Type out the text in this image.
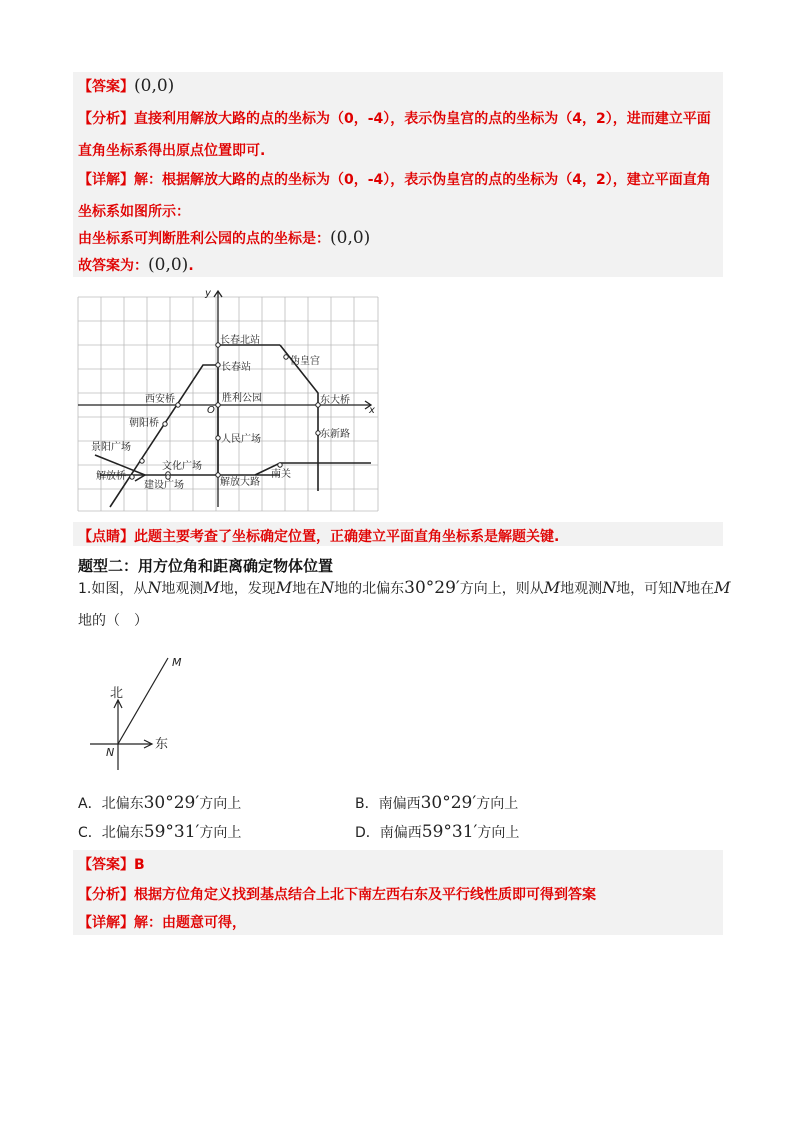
【答案】(0,0)
【分析】直接利用解放大路的点的坐标为（0，-4），表示伪皇宫的点的坐标为（4，2），进而建立平面
直角坐标系得出原点位置即可.
【详解】解：根据解放大路的点的坐标为（0，-4），表示伪皇宫的点的坐标为（4，2），建立平面直角
坐标系如图所示：
由坐标系可判断胜利公园的点的坐标是：(0,0)
故答案为：(0,0).
y
x
O
长春北站
长春站
伪皇宫
西安桥	胜利公园	东大桥
朝阳桥
人民广场	东新路
景阳广场
文化广场
南关
解放桥
建设广场	解放大路
【点睛】此题主要考查了坐标确定位置，正确建立平面直角坐标系是解题关键.
题型二：用方位角和距离确定物体位置
1.如图，从N地观测M地，发现M地在N地的北偏东30°29′方向上，则从M地观测N地，可知N地在M
地的（　）
北
东
M
N
A．北偏东30°29′方向上	B．南偏西30°29′方向上
C．北偏东59°31′方向上	D．南偏西59°31′方向上
【答案】B
【分析】根据方位角定义找到基点结合上北下南左西右东及平行线性质即可得到答案
【详解】解：由题意可得，
